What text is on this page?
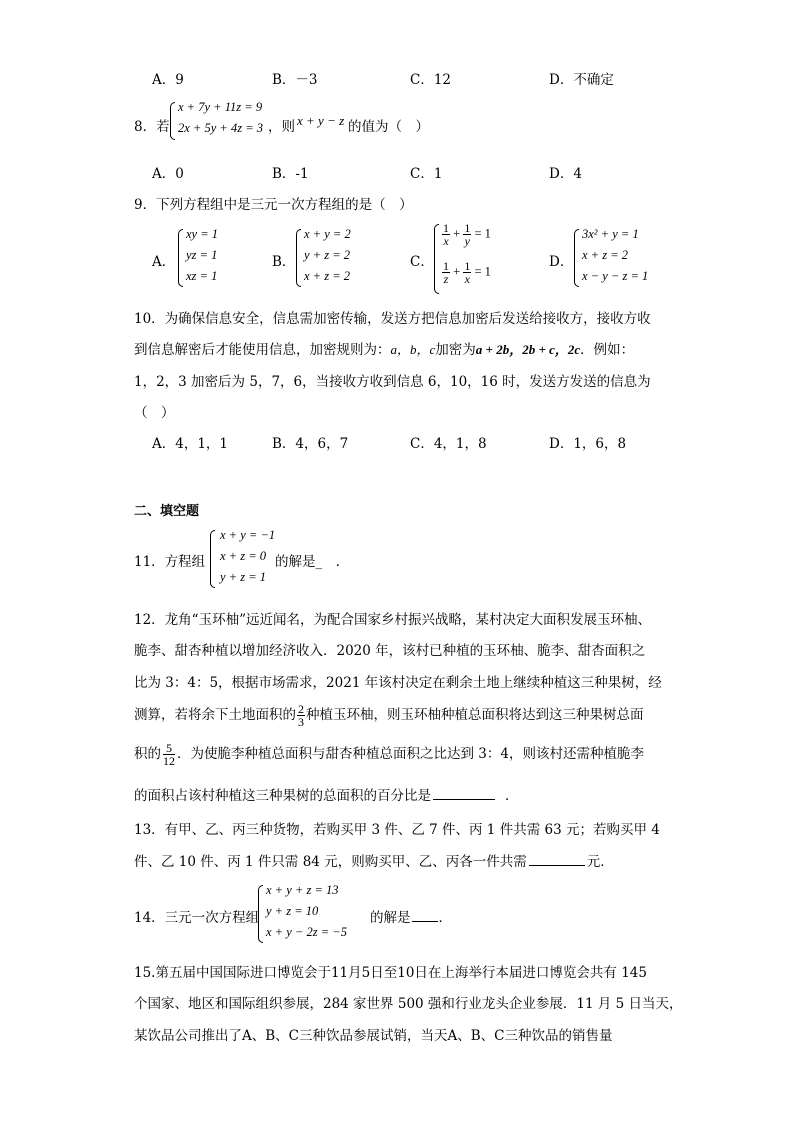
A．9	B．－3	C．12	D．不确定
8．若
x + 7y + 11z = 9
2x + 5y + 4z = 3 ，则 x + y − z 的值为（　）
A．0	B．-1	C．1	D．4
9．下列方程组中是三元一次方程组的是（　）
A．
xy = 1
yz = 1
xz = 1
B．
x + y = 2
y + z = 2
x + z = 2
C．
$\frac{1}{x} + \frac{1}{y} = 1$
$\frac{1}{z} + \frac{1}{x} = 1$
D．
3x² + y = 1
x + z = 2
x − y − z = 1
10．为确保信息安全，信息需加密传输，发送方把信息加密后发送给接收方，接收方收
到信息解密后才能使用信息，加密规则为：a，b，c加密为a + 2b，2b + c，2c．例如：
1，2，3 加密后为 5，7，6，当接收方收到信息 6，10，16 时，发送方发送的信息为
（　）
A．4，1，1	B．4，6，7	C．4，1，8	D．1，6，8
二、填空题
11．方程组
x + y = −1
x + z = 0
y + z = 1
的解是_　．
12．龙角“玉环柚”远近闻名，为配合国家乡村振兴战略，某村决定大面积发展玉环柚、
脆李、甜杏种植以增加经济收入．2020 年，该村已种植的玉环柚、脆李、甜杏面积之
比为 3：4：5，根据市场需求，2021 年该村决定在剩余土地上继续种植这三种果树，经
测算，若将余下土地面积的 $\frac{2}{3}$ 种植玉环柚，则玉环柚种植总面积将达到这三种果树总面
积的 $\frac{5}{12}$ ．为使脆李种植总面积与甜杏种植总面积之比达到 3：4，则该村还需种植脆李
的面积占该村种植这三种果树的总面积的百分比是	．
13．有甲、乙、丙三种货物，若购买甲 3 件、乙 7 件、丙 1 件共需 63 元；若购买甲 4
件、乙 10 件、丙 1 件只需 84 元，则购买甲、乙、丙各一件共需	元．
14．三元一次方程组
x + y + z = 13
y + z = 10
x + y − 2z = −5
的解是 ．
15.第五届中国国际进口博览会于11月5日至10日在上海举行本届进口博览会共有 145
个国家、地区和国际组织参展，284 家世界 500 强和行业龙头企业参展．11 月 5 日当天，
某饮品公司推出了A、B、C三种饮品参展试销，当天A、B、C三种饮品的销售量
